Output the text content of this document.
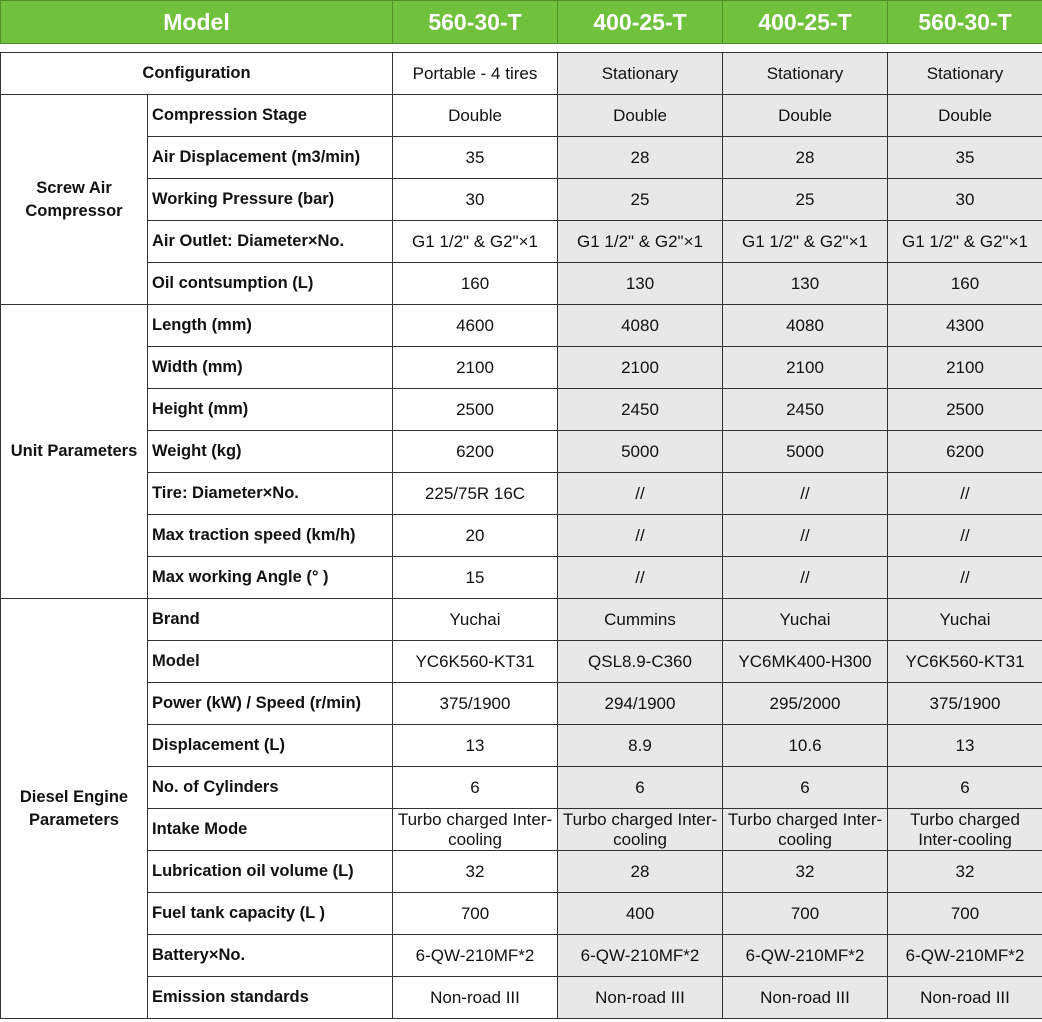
Model	560-30-T	400-25-T	400-25-T	560-30-T
Configuration		Portable - 4 tires	Stationary	Stationary	Stationary
Screw Air Compressor	Compression Stage	Double	Double	Double	Double
	Air Displacement (m3/min)	35	28	28	35
	Working Pressure (bar)	30	25	25	30
	Air Outlet: Diameter×No.	G1 1/2" & G2"×1	G1 1/2" & G2"×1	G1 1/2" & G2"×1	G1 1/2" & G2"×1
	Oil contsumption (L)	160	130	130	160
Unit Parameters	Length (mm)	4600	4080	4080	4300
	Width (mm)	2100	2100	2100	2100
	Height (mm)	2500	2450	2450	2500
	Weight (kg)	6200	5000	5000	6200
	Tire: Diameter×No.	225/75R 16C	//	//	//
	Max traction speed (km/h)	20	//	//	//
	Max working Angle (° )	15	//	//	//
Diesel Engine Parameters	Brand	Yuchai	Cummins	Yuchai	Yuchai
	Model	YC6K560-KT31	QSL8.9-C360	YC6MK400-H300	YC6K560-KT31
	Power (kW) / Speed (r/min)	375/1900	294/1900	295/2000	375/1900
	Displacement (L)	13	8.9	10.6	13
	No. of Cylinders	6	6	6	6
	Intake Mode	Turbo charged Inter-cooling	Turbo charged Inter-cooling	Turbo charged Inter-cooling	Turbo charged Inter-cooling
	Lubrication oil volume (L)	32	28	32	32
	Fuel tank capacity (L )	700	400	700	700
	Battery×No.	6-QW-210MF*2	6-QW-210MF*2	6-QW-210MF*2	6-QW-210MF*2
	Emission standards	Non-road III	Non-road III	Non-road III	Non-road III
